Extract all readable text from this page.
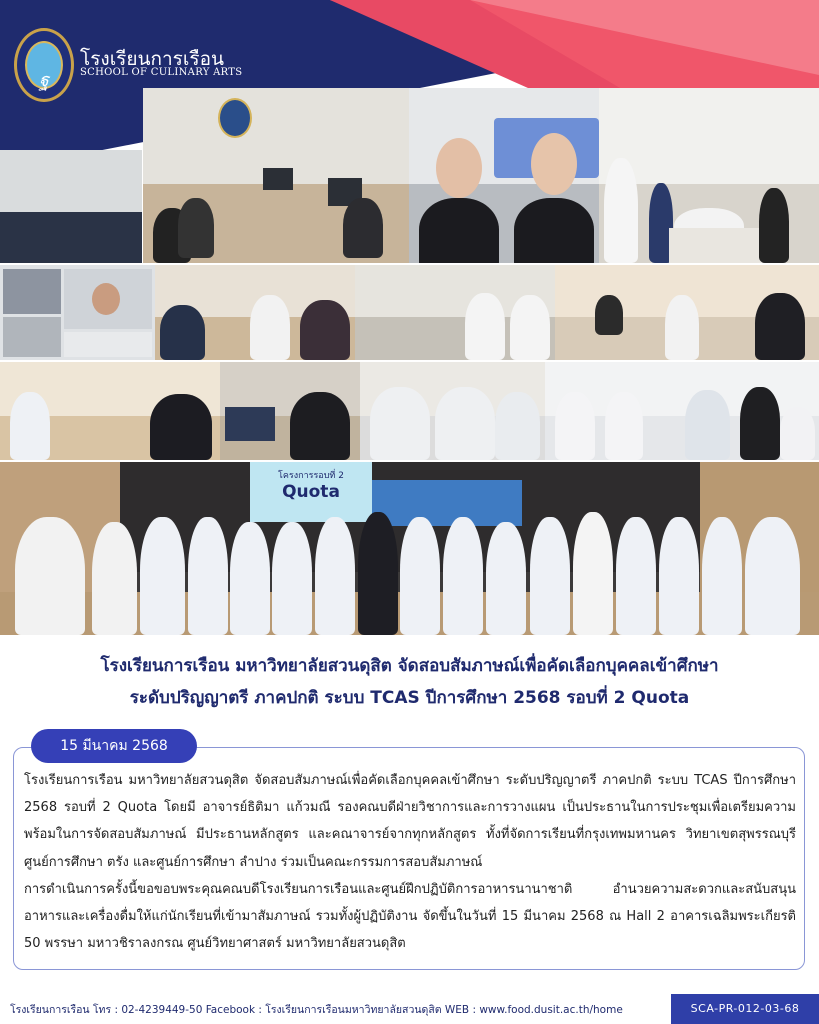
ฐ
โรงเรียนการเรือน
SCHOOL OF CULINARY ARTS
โครงการรอบที่ 2
Quota
โรงเรียนการเรือน มหาวิทยาลัยสวนดุสิต จัดสอบสัมภาษณ์เพื่อคัดเลือกบุคคลเข้าศึกษา
ระดับปริญญาตรี ภาคปกติ ระบบ TCAS ปีการศึกษา 2568 รอบที่ 2 Quota
15 มีนาคม 2568

โรงเรียนการเรือน มหาวิทยาลัยสวนดุสิต จัดสอบสัมภาษณ์เพื่อคัดเลือกบุคคลเข้าศึกษา ระดับปริญญาตรี ภาคปกติ ระบบ TCAS ปีการศึกษา 2568 รอบที่ 2 Quota โดยมี อาจารย์ธิติมา แก้วมณี รองคณบดีฝ่ายวิชาการและการวางแผน เป็นประธานในการประชุมเพื่อเตรียมความพร้อมในการจัดสอบสัมภาษณ์ มีประธานหลักสูตร และคณาจารย์จากทุกหลักสูตร ทั้งที่จัดการเรียนที่กรุงเทพมหานคร วิทยาเขตสุพรรณบุรี ศูนย์การศึกษา ตรัง และศูนย์การศึกษา ลำปาง ร่วมเป็นคณะกรรมการสอบสัมภาษณ์

การดำเนินการครั้งนี้ขอขอบพระคุณคณบดีโรงเรียนการเรือนและศูนย์ฝึกปฏิบัติการอาหารนานาชาติ อำนวยความสะดวกและสนับสนุนอาหารและเครื่องดื่มให้แก่นักเรียนที่เข้ามาสัมภาษณ์ รวมทั้งผู้ปฏิบัติงาน จัดขึ้นในวันที่ 15 มีนาคม 2568 ณ Hall 2 อาคารเฉลิมพระเกียรติ 50 พรรษา มหาวชิราลงกรณ ศูนย์วิทยาศาสตร์ มหาวิทยาลัยสวนดุสิต

โรงเรียนการเรือน โทร : 02-4239449-50 Facebook : โรงเรียนการเรือนมหาวิทยาลัยสวนดุสิต WEB : www.food.dusit.ac.th/home	SCA-PR-012-03-68
